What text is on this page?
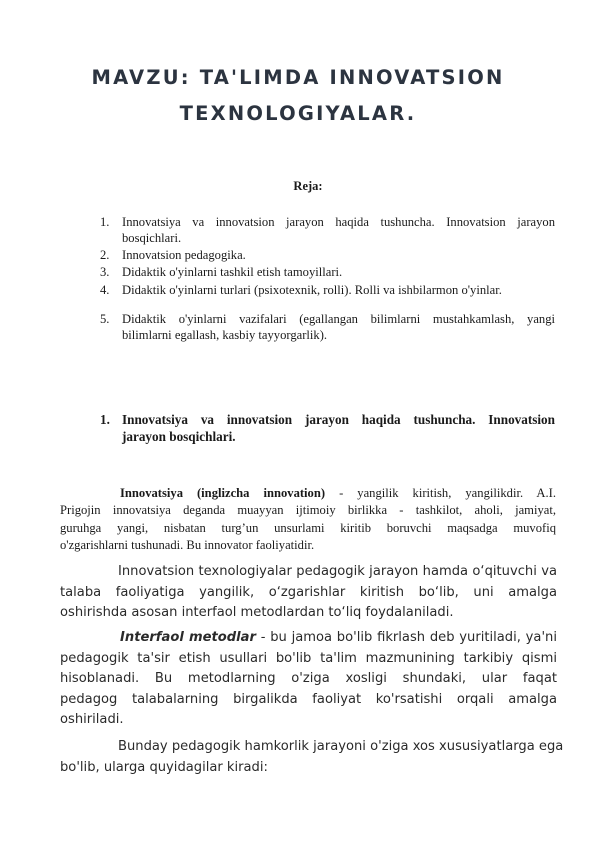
MAVZU: TA'LIMDA INNOVATSION
TEXNOLOGIYALAR.
Reja:
1. Innovatsiya va innovatsion jarayon haqida tushuncha. Innovatsion jarayon
bosqichlari.
2. Innovatsion pedagogika.
3. Didaktik o'yinlarni tashkil etish tamoyillari.
4. Didaktik o'yinlarni turlari (psixotexnik, rolli). Rolli va ishbilarmon o'yinlar.
5. Didaktik o'yinlarni vazifalari (egallangan bilimlarni mustahkamlash, yangi
bilimlarni egallash, kasbiy tayyorgarlik).
1. Innovatsiya va innovatsion jarayon haqida tushuncha. Innovatsion
jarayon bosqichlari.
Innovatsiya (inglizcha innovation) - yangilik kiritish, yangilikdir. A.I.
Prigojin innovatsiya deganda muayyan ijtimoiy birlikka - tashkilot, aholi, jamiyat,
guruhga yangi, nisbatan turg’un unsurlami kiritib boruvchi maqsadga muvofiq
o'zgarishlarni tushunadi. Bu innovator faoliyatidir.
Innovatsion texnologiyalar pedagogik jarayon hamda o‘qituvchi va
talaba faoliyatiga yangilik, o‘zgarishlar kiritish bo‘lib, uni amalga
oshirishda asosan interfaol metodlardan to‘liq foydalaniladi.
Interfaol metodlar - bu jamoa bo'lib fikrlash deb yuritiladi, ya'ni
pedagogik ta'sir etish usullari bo'lib ta'lim mazmunining tarkibiy qismi
hisoblanadi. Bu metodlarning o'ziga xosligi shundaki, ular faqat
pedagog talabalarning birgalikda faoliyat ko'rsatishi orqali amalga
oshiriladi.
Bunday pedagogik hamkorlik jarayoni o'ziga xos xususiyatlarga ega
bo'lib, ularga quyidagilar kiradi:
